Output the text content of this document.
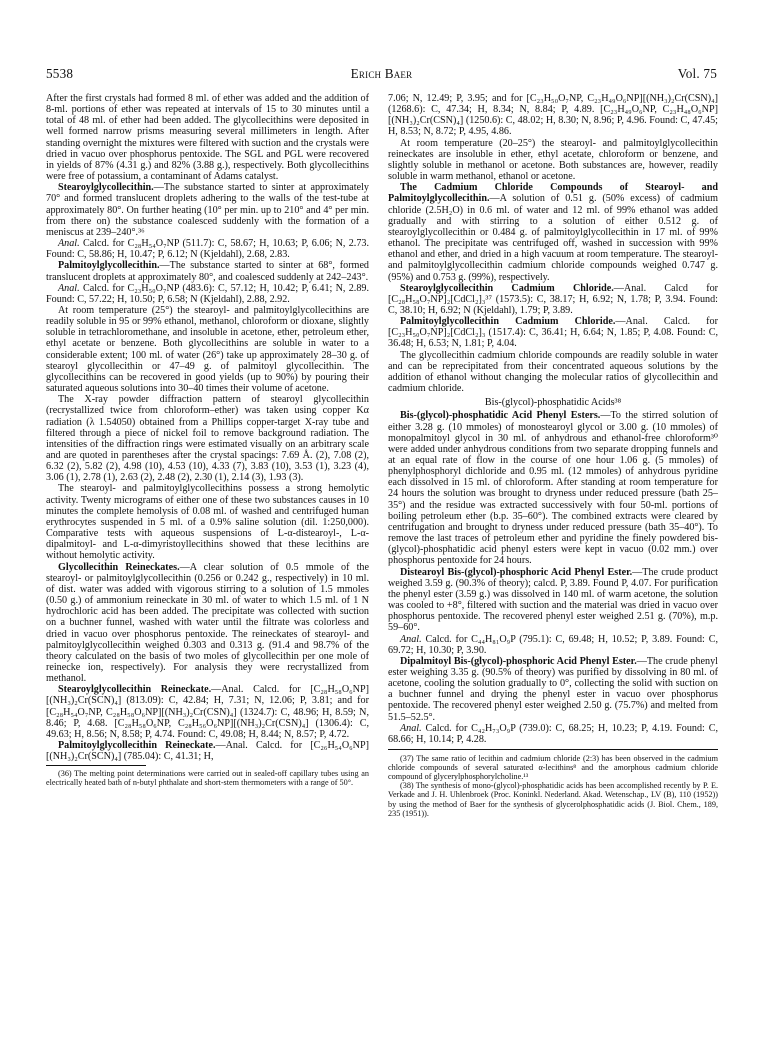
5538	Erich Baer	Vol. 75

After the first crystals had formed 8 ml. of ether was added and the addition of 8-ml. portions of ether was repeated at intervals of 15 to 30 minutes until a total of 48 ml. of ether had been added. The glycollecithins were deposited in well formed narrow prisms measuring several millimeters in length. After standing overnight the mixtures were filtered with suction and the crystals were dried in vacuo over phosphorus pentoxide. The SGL and PGL were recovered in yields of 87% (4.31 g.) and 82% (3.88 g.), respectively. Both glycollecithins were free of potassium, a contaminant of Adams catalyst.

Stearoylglycollecithin.—The substance started to sinter at approximately 70° and formed translucent droplets adhering to the walls of the test-tube at approximately 80°. On further heating (10° per min. up to 210° and 4° per min. from there on) the substance coalesced suddenly with the formation of a meniscus at 239–240°.³⁶

Anal. Calcd. for C₂₈H₅₄O₇NP (511.7): C, 58.67; H, 10.63; P, 6.06; N, 2.73. Found: C, 58.86; H, 10.47; P, 6.12; N (Kjeldahl), 2.68, 2.83.

Palmitoylglycollecithin.—The substance started to sinter at 68°, formed translucent droplets at approximately 80°, and coalesced suddenly at 242–243°.

Anal. Calcd. for C₂₃H₅₀O₇NP (483.6): C, 57.12; H, 10.42; P, 6.41; N, 2.89. Found: C, 57.22; H, 10.50; P, 6.58; N (Kjeldahl), 2.88, 2.92.

At room temperature (25°) the stearoyl- and palmitoylglycollecithins are readily soluble in 95 or 99% ethanol, methanol, chloroform or dioxane, slightly soluble in tetrachloromethane, and insoluble in acetone, ether, petroleum ether, ethyl acetate or benzene. Both glycollecithins are soluble in water to a considerable extent; 100 ml. of water (26°) take up approximately 28–30 g. of stearoyl glycollecithin or 47–49 g. of palmitoyl glycollecithin. The glycollecithins can be recovered in good yields (up to 90%) by pouring their saturated aqueous solutions into 30–40 times their volume of acetone.

The X-ray powder diffraction pattern of stearoyl glycollecithin (recrystallized twice from chloroform–ether) was taken using copper Kα radiation (λ 1.54050) obtained from a Phillips copper-target X-ray tube and filtered through a piece of nickel foil to remove background radiation. The intensities of the diffraction rings were estimated visually on an arbitrary scale and are quoted in parentheses after the crystal spacings: 7.69 Å. (2), 7.08 (2), 6.32 (2), 5.82 (2), 4.98 (10), 4.53 (10), 4.33 (7), 3.83 (10), 3.53 (1), 3.23 (4), 3.06 (1), 2.78 (1), 2.63 (2), 2.48 (2), 2.30 (1), 2.14 (3), 1.93 (3).

The stearoyl- and palmitoylglycollecithins possess a strong hemolytic activity. Twenty micrograms of either one of these two substances causes in 10 minutes the complete hemolysis of 0.08 ml. of washed and centrifuged human erythrocytes suspended in 5 ml. of a 0.9% saline solution (dil. 1:250,000). Comparative tests with aqueous suspensions of L-α-distearoyl-, L-α-dipalmitoyl- and L-α-dimyristoyllecithins showed that these lecithins are without hemolytic activity.

Glycollecithin Reineckates.—A clear solution of 0.5 mmole of the stearoyl- or palmitoylglycollecithin (0.256 or 0.242 g., respectively) in 10 ml. of dist. water was added with vigorous stirring to a solution of 1.5 mmoles (0.50 g.) of ammonium reineckate in 30 ml. of water to which 1.5 ml. of 1 N hydrochloric acid has been added. The precipitate was collected with suction on a buchner funnel, washed with water until the filtrate was colorless and dried in vacuo over phosphorus pentoxide. The reineckates of stearoyl- and palmitoylglycollecithin weighed 0.303 and 0.313 g. (91.4 and 98.7% of the theory calculated on the basis of two moles of glycollecithin per one mole of reinecke ion, respectively). For analysis they were recrystallized from methanol.

Stearoylglycollecithin Reineckate.—Anal. Calcd. for [C₂₈H₅₈O₆NP][(NH₃)₂Cr(SCN)₄] (813.09): C, 42.84; H, 7.31; N, 12.06; P, 3.81; and for [C₂₈H₅₄O₇NP, C₂₈H₅₈O₆NP][(NH₃)₂Cr(CSN)₄] (1324.7): C, 48.96; H, 8.59; N, 8.46; P, 4.68. [C₂₈H₅₈O₆NP, C₂₈H₅₆O₆NP][(NH₃)₂Cr(CSN)₄] (1306.4): C, 49.63; H, 8.56; N, 8.58; P, 4.74. Found: C, 49.08; H, 8.44; N, 8.57; P, 4.72.

Palmitoylglycollecithin Reineckate.—Anal. Calcd. for [C₂₆H₅₄O₆NP][(NH₃)₂Cr(SCN)₄] (785.04): C, 41.31; H,

(36) The melting point determinations were carried out in sealed-off capillary tubes using an electrically heated bath of n-butyl phthalate and short-stem thermometers with a range of 50°.

7.06; N, 12.49; P, 3.95; and for [C₂₃H₅₀O₇NP, C₂₃H₄₉O₆NP][(NH₃)₂Cr(CSN)₄] (1268.6): C, 47.34; H, 8.34; N, 8.84; P, 4.89. [C₂₃H₄₉O₆NP, C₂₃H₄₈O₆NP][(NH₃)₂Cr(CSN)₄] (1250.6): C, 48.02; H, 8.30; N, 8.96; P, 4.96. Found: C, 47.45; H, 8.53; N, 8.72; P, 4.95, 4.86.

At room temperature (20–25°) the stearoyl- and palmitoylglycollecithin reineckates are insoluble in ether, ethyl acetate, chloroform or benzene, and slightly soluble in methanol or acetone. Both substances are, however, readily soluble in warm methanol, ethanol or acetone.

The Cadmium Chloride Compounds of Stearoyl- and Palmitoylglycollecithin.—A solution of 0.51 g. (50% excess) of cadmium chloride (2.5H₂O) in 0.6 ml. of water and 12 ml. of 99% ethanol was added gradually and with stirring to a solution of either 0.512 g. of stearoylglycollecithin or 0.484 g. of palmitoylglycollecithin in 17 ml. of 99% ethanol. The precipitate was centrifuged off, washed in succession with 99% ethanol and ether, and dried in a high vacuum at room temperature. The stearoyl- and palmitoylglycollecithin cadmium chloride compounds weighed 0.747 g. (95%) and 0.753 g. (99%), respectively.

Stearoylglycollecithin Cadmium Chloride.—Anal. Calcd for [C₂₈H₅₈O₇NP]₂[CdCl₂]₃³⁷ (1573.5): C, 38.17; H, 6.92; N, 1.78; P, 3.94. Found: C, 38.10; H, 6.92; N (Kjeldahl), 1.79; P, 3.89.

Palmitoylglycollecithin Cadmium Chloride.—Anal. Calcd. for [C₂₃H₅₀O₇NP]₂[CdCl₂]₃ (1517.4): C, 36.41; H, 6.64; N, 1.85; P, 4.08. Found: C, 36.48; H, 6.53; N, 1.81; P, 4.04.

The glycollecithin cadmium chloride compounds are readily soluble in water and can be reprecipitated from their concentrated aqueous solutions by the addition of ethanol without changing the molecular ratios of glycollecithin and cadmium chloride.

Bis-(glycol)-phosphatidic Acids³⁸

Bis-(glycol)-phosphatidic Acid Phenyl Esters.—To the stirred solution of either 3.28 g. (10 mmoles) of monostearoyl glycol or 3.00 g. (10 mmoles) of monopalmitoyl glycol in 30 ml. of anhydrous and ethanol-free chloroform³⁰ were added under anhydrous conditions from two separate dropping funnels and at an equal rate of flow in the course of one hour 1.06 g. (5 mmoles) of phenylphosphoryl dichloride and 0.95 ml. (12 mmoles) of anhydrous pyridine each dissolved in 15 ml. of chloroform. After standing at room temperature for 24 hours the solution was brought to dryness under reduced pressure (bath 25–35°) and the residue was extracted successively with four 50-ml. portions of boiling petroleum ether (b.p. 35–60°). The combined extracts were cleared by centrifugation and brought to dryness under reduced pressure (bath 35–40°). To remove the last traces of petroleum ether and pyridine the finely powdered bis-(glycol)-phosphatidic acid phenyl esters were kept in vacuo (0.02 mm.) over phosphorus pentoxide for 24 hours.

Distearoyl Bis-(glycol)-phosphoric Acid Phenyl Ester.—The crude product weighed 3.59 g. (90.3% of theory); calcd. P, 3.89. Found P, 4.07. For purification the phenyl ester (3.59 g.) was dissolved in 140 ml. of warm acetone, the solution was cooled to +8°, filtered with suction and the material was dried in vacuo over phosphorus pentoxide. The recovered phenyl ester weighed 2.51 g. (70%), m.p. 59–60°.

Anal. Calcd. for C₄₄H₈₁O₉P (795.1): C, 69.48; H, 10.52; P, 3.89. Found: C, 69.72; H, 10.30; P, 3.90.

Dipalmitoyl Bis-(glycol)-phosphoric Acid Phenyl Ester.—The crude phenyl ester weighing 3.35 g. (90.5% of theory) was purified by dissolving in 80 ml. of acetone, cooling the solution gradually to 0°, collecting the solid with suction on a buchner funnel and drying the phenyl ester in vacuo over phosphorus pentoxide. The recovered phenyl ester weighed 2.50 g. (75.7%) and melted from 51.5–52.5°.

Anal. Calcd. for C₄₂H₇₃O₉P (739.0): C, 68.25; H, 10.23; P, 4.19. Found: C, 68.66; H, 10.14; P, 4.28.

(37) The same ratio of lecithin and cadmium chloride (2:3) has been observed in the cadmium chloride compounds of several saturated α-lecithins⁸ and the amorphous cadmium chloride compound of glycerylphosphorylcholine.¹³

(38) The synthesis of mono-(glycol)-phosphatidic acids has been accomplished recently by P. E. Verkade and J. H. Uhlenbroek (Proc. Koninkl. Nederland. Akad. Wetenschap., LV (B), 110 (1952)) by using the method of Baer for the synthesis of glycerolphosphatidic acids (J. Biol. Chem., 189, 235 (1951)).
